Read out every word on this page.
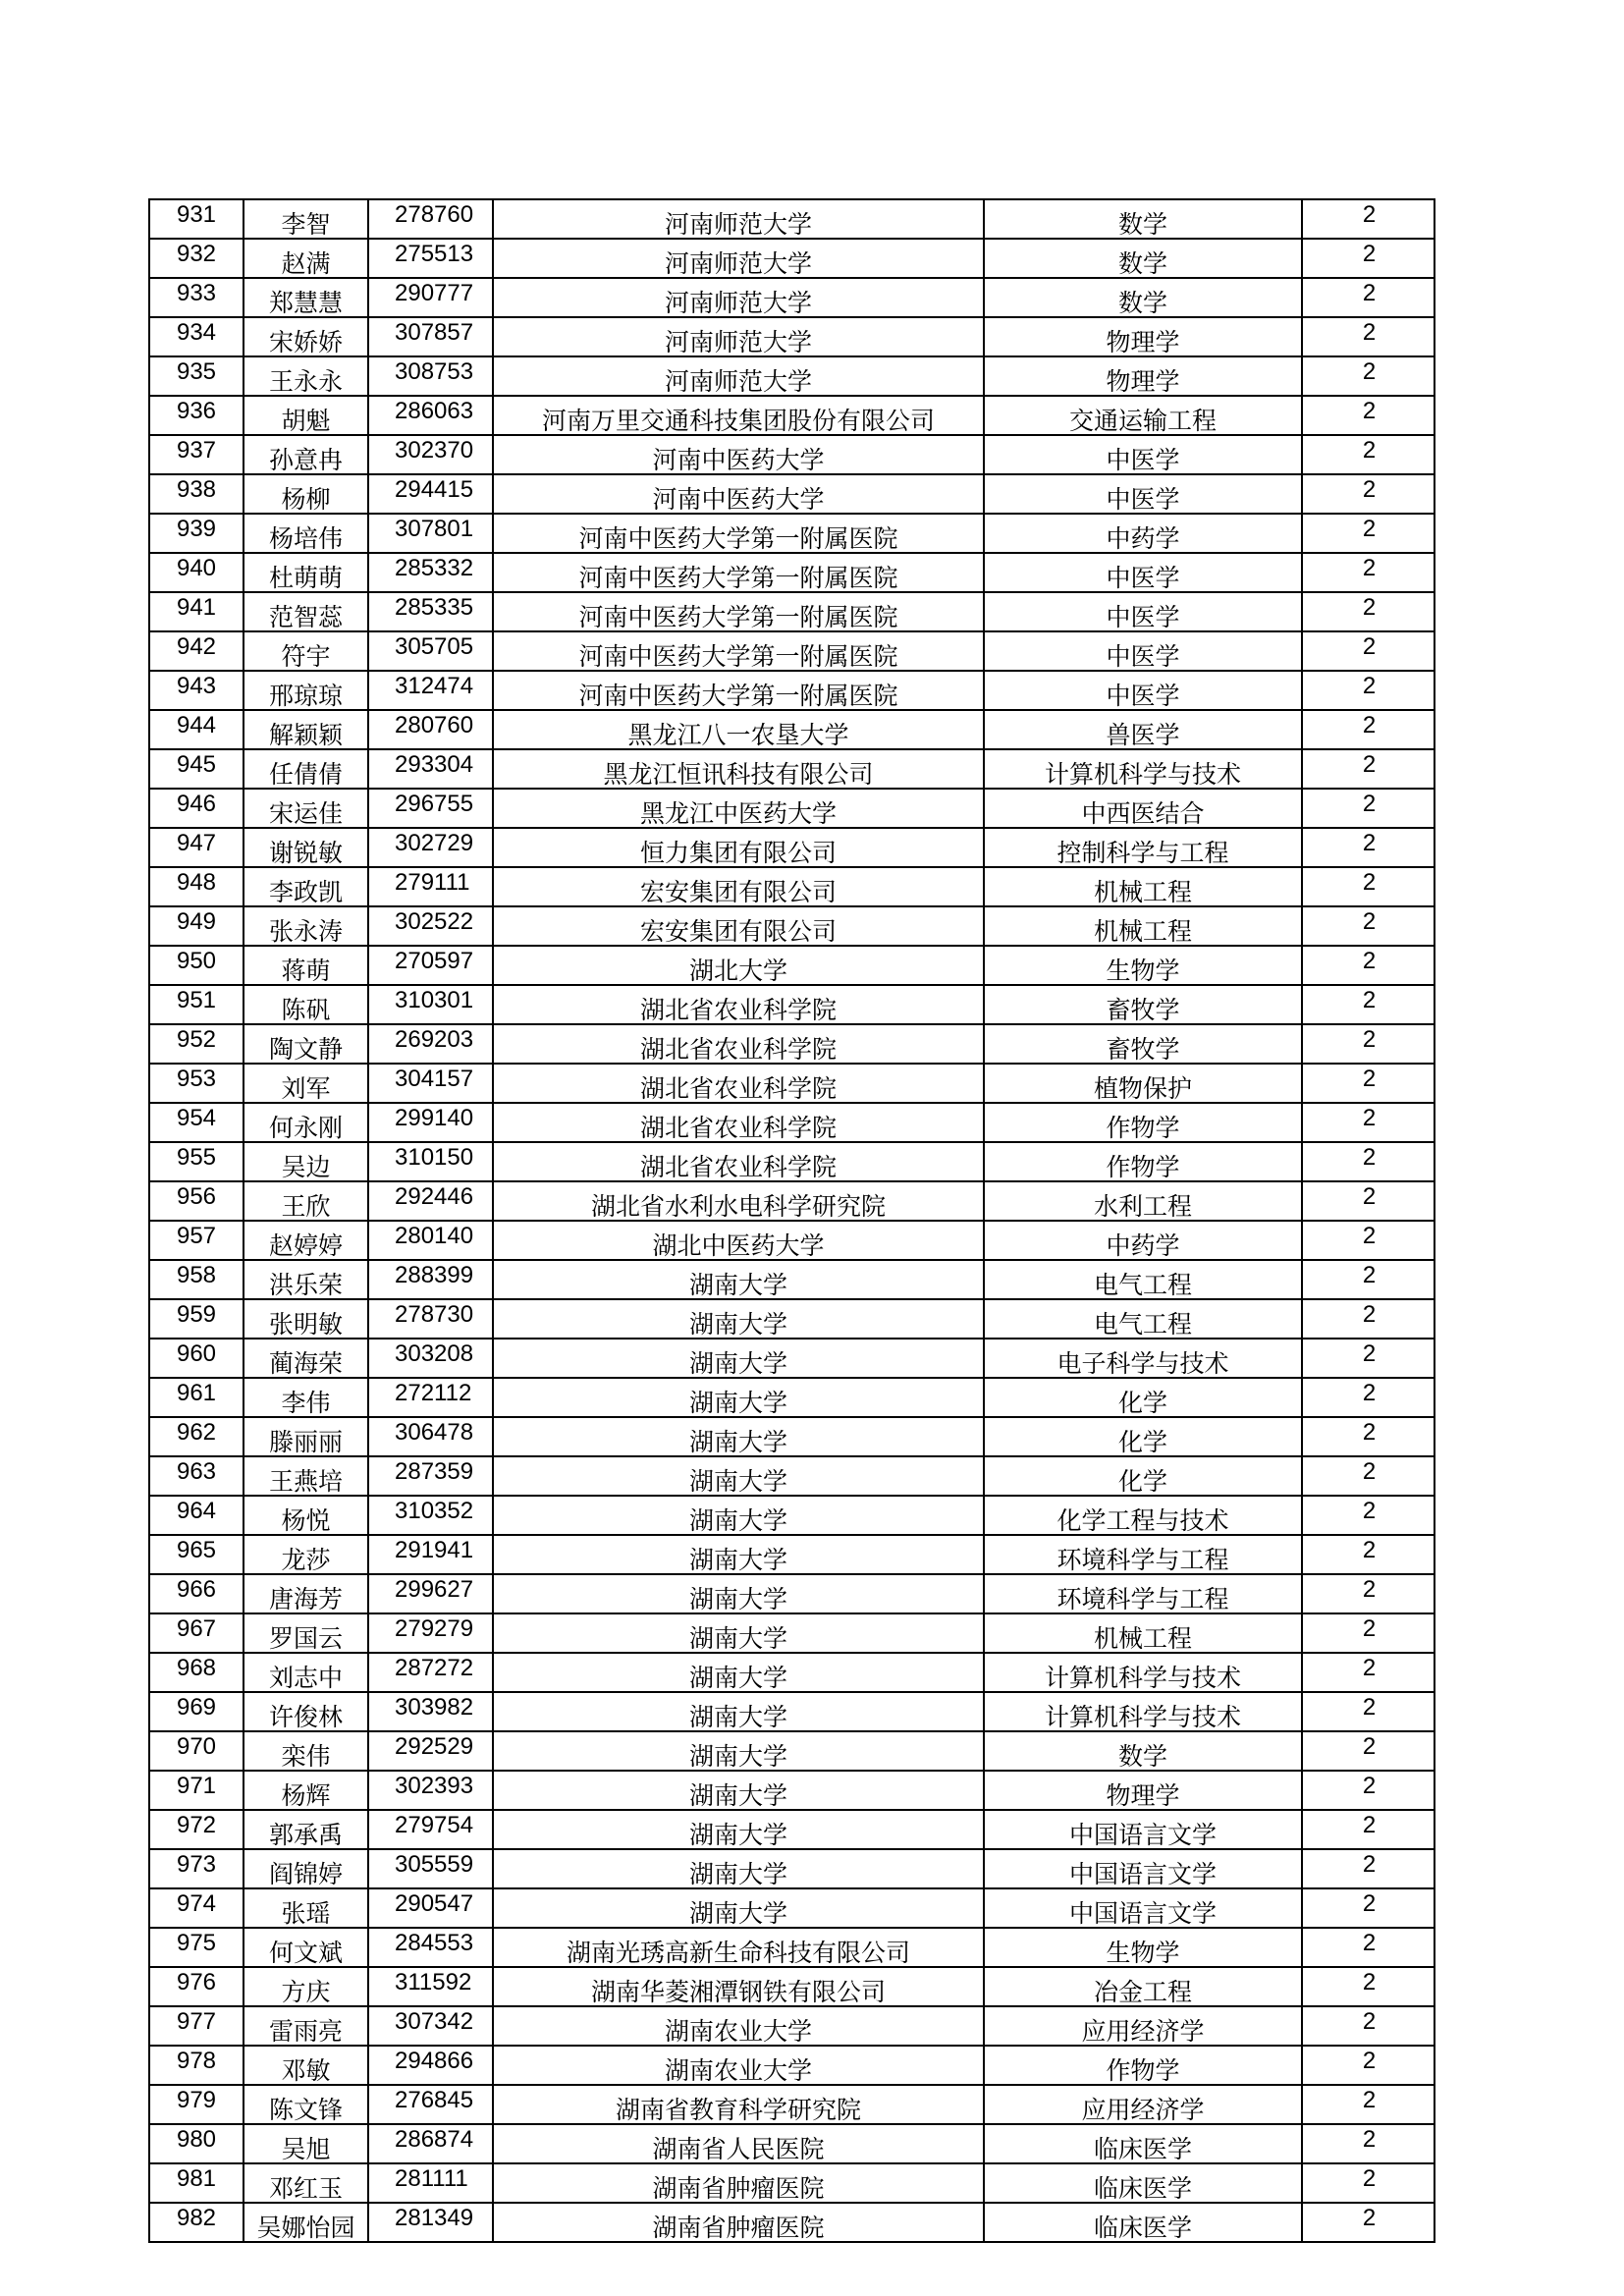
931	李智	278760	河南师范大学	数学	2
932	赵满	275513	河南师范大学	数学	2
933	郑慧慧	290777	河南师范大学	数学	2
934	宋娇娇	307857	河南师范大学	物理学	2
935	王永永	308753	河南师范大学	物理学	2
936	胡魁	286063	河南万里交通科技集团股份有限公司	交通运输工程	2
937	孙意冉	302370	河南中医药大学	中医学	2
938	杨柳	294415	河南中医药大学	中医学	2
939	杨培伟	307801	河南中医药大学第一附属医院	中药学	2
940	杜萌萌	285332	河南中医药大学第一附属医院	中医学	2
941	范智蕊	285335	河南中医药大学第一附属医院	中医学	2
942	符宇	305705	河南中医药大学第一附属医院	中医学	2
943	邢琼琼	312474	河南中医药大学第一附属医院	中医学	2
944	解颖颖	280760	黑龙江八一农垦大学	兽医学	2
945	任倩倩	293304	黑龙江恒讯科技有限公司	计算机科学与技术	2
946	宋运佳	296755	黑龙江中医药大学	中西医结合	2
947	谢锐敏	302729	恒力集团有限公司	控制科学与工程	2
948	李政凯	279111	宏安集团有限公司	机械工程	2
949	张永涛	302522	宏安集团有限公司	机械工程	2
950	蒋萌	270597	湖北大学	生物学	2
951	陈矾	310301	湖北省农业科学院	畜牧学	2
952	陶文静	269203	湖北省农业科学院	畜牧学	2
953	刘军	304157	湖北省农业科学院	植物保护	2
954	何永刚	299140	湖北省农业科学院	作物学	2
955	吴边	310150	湖北省农业科学院	作物学	2
956	王欣	292446	湖北省水利水电科学研究院	水利工程	2
957	赵婷婷	280140	湖北中医药大学	中药学	2
958	洪乐荣	288399	湖南大学	电气工程	2
959	张明敏	278730	湖南大学	电气工程	2
960	蔺海荣	303208	湖南大学	电子科学与技术	2
961	李伟	272112	湖南大学	化学	2
962	滕丽丽	306478	湖南大学	化学	2
963	王燕培	287359	湖南大学	化学	2
964	杨悦	310352	湖南大学	化学工程与技术	2
965	龙莎	291941	湖南大学	环境科学与工程	2
966	唐海芳	299627	湖南大学	环境科学与工程	2
967	罗国云	279279	湖南大学	机械工程	2
968	刘志中	287272	湖南大学	计算机科学与技术	2
969	许俊林	303982	湖南大学	计算机科学与技术	2
970	栾伟	292529	湖南大学	数学	2
971	杨辉	302393	湖南大学	物理学	2
972	郭承禹	279754	湖南大学	中国语言文学	2
973	阎锦婷	305559	湖南大学	中国语言文学	2
974	张瑶	290547	湖南大学	中国语言文学	2
975	何文斌	284553	湖南光琇高新生命科技有限公司	生物学	2
976	方庆	311592	湖南华菱湘潭钢铁有限公司	冶金工程	2
977	雷雨亮	307342	湖南农业大学	应用经济学	2
978	邓敏	294866	湖南农业大学	作物学	2
979	陈文锋	276845	湖南省教育科学研究院	应用经济学	2
980	吴旭	286874	湖南省人民医院	临床医学	2
981	邓红玉	281111	湖南省肿瘤医院	临床医学	2
982	吴娜怡园	281349	湖南省肿瘤医院	临床医学	2
